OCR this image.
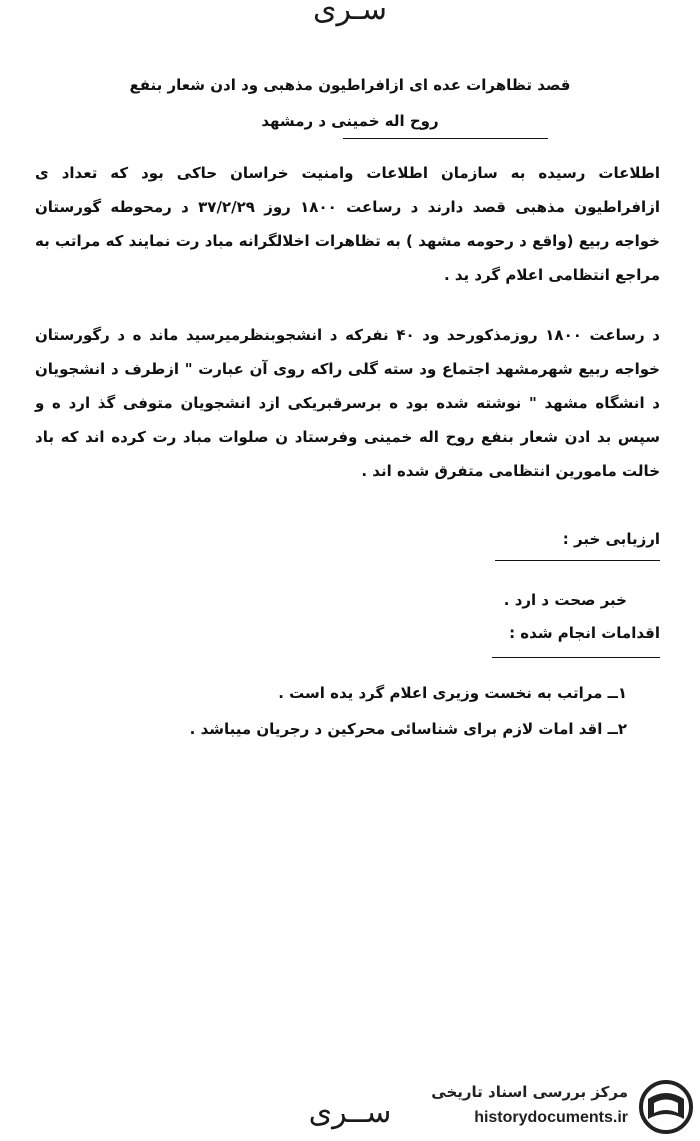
سـرى
قصد تظاهرات عده ای ازافراطیون مذهبی ود ادن شعار بنفع
روح اله خمینی د رمشهد
اطلاعات رسیده به سازمان اطلاعات وامنیت خراسان حاکی بود که تعداد ی ازافراطیون مذهبی قصد دارند د رساعت ۱۸۰۰ روز ۳۷/۲/۲۹ د رمحوطه گورستان خواجه ربیع (واقع د رحومه مشهد ) به تظاهرات اخلالگرانه مباد رت نمایند که مراتب به مراجع انتظامی اعلام گرد ید .
د رساعت ۱۸۰۰ روزمذکورحد ود ۴۰ نفرکه د انشجوبنظرمیرسید ماند ه د رگورستان خواجه ربیع شهرمشهد اجتماع ود سته گلی راکه روی آن عبارت " ازطرف د انشجویان د انشگاه مشهد " نوشته شده بود ه برسرقبریکی ازد انشجویان متوفی گذ ارد ه و سپس بد ادن شعار بنفع روح اله خمینی وفرستاد ن صلوات مباد رت کرده اند که باد خالت مامورین انتظامی متفرق شده اند .
ارزیابی خبر :
خبر صحت د ارد .
اقدامات انجام شده :
۱ــ مراتب به نخست وزیری اعلام گرد یده است .
۲ــ اقد امات لازم برای شناسائی محرکین د رجریان میباشد .
ســرى
مرکز بررسی اسناد تاریخی
historydocuments.ir
